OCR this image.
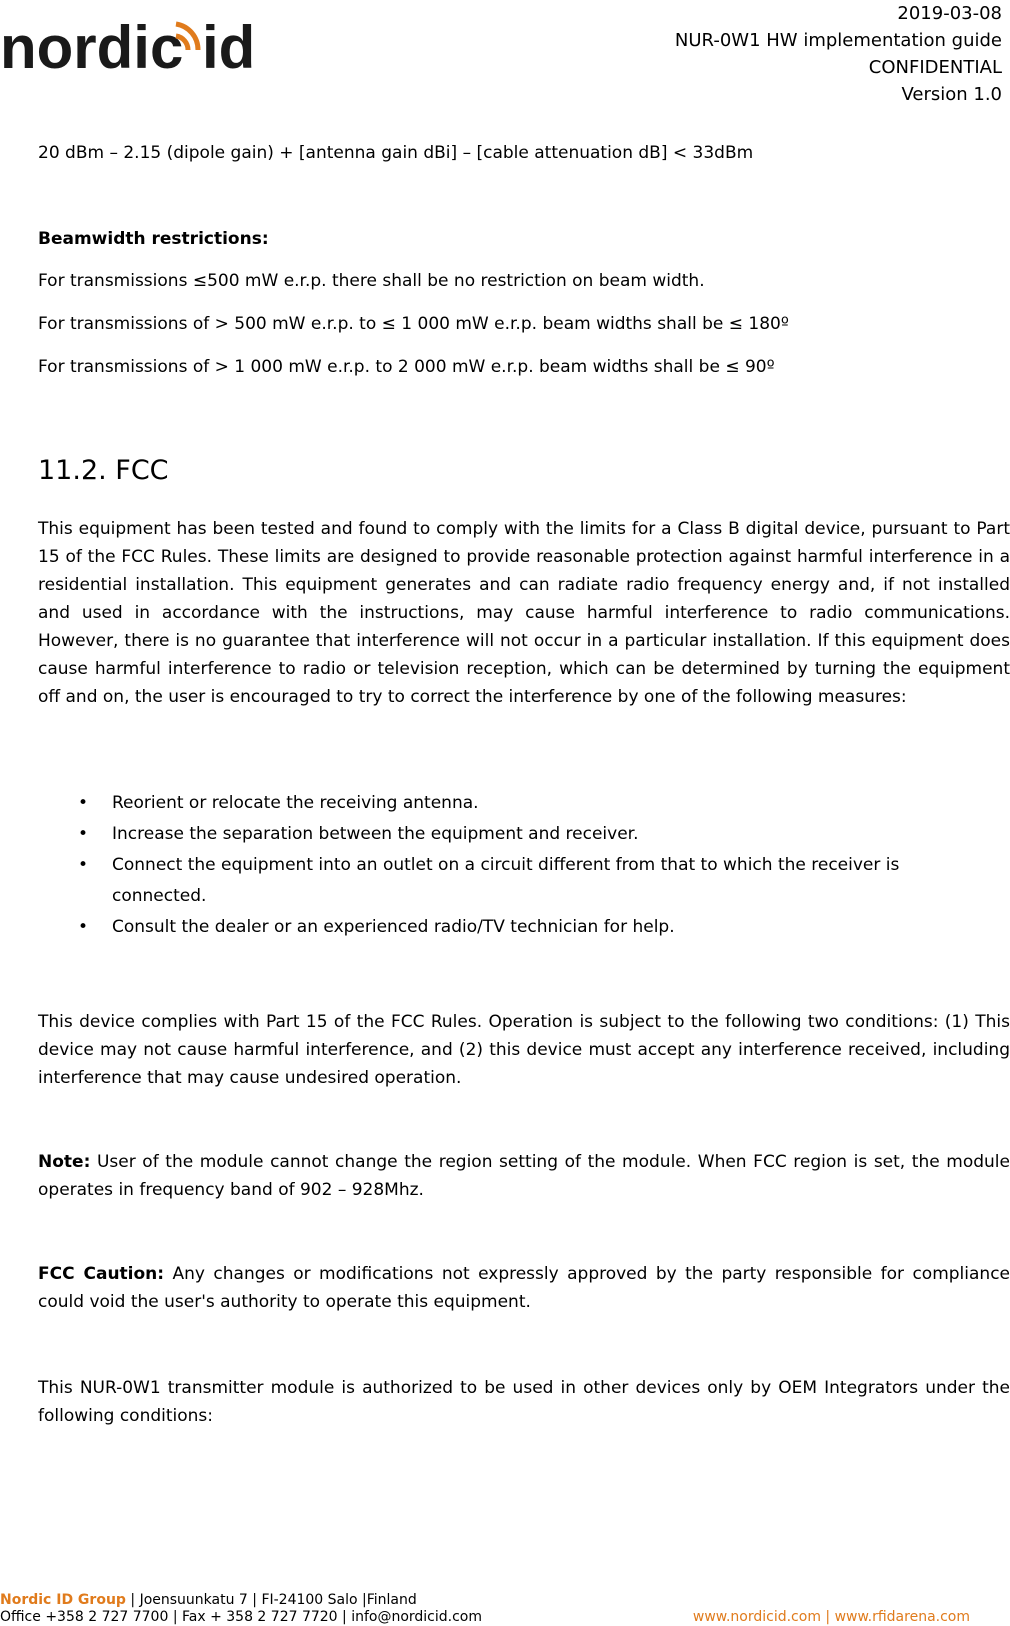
nordic id
2019-03-08
NUR-0W1 HW implementation guide
CONFIDENTIAL
Version 1.0

20 dBm – 2.15 (dipole gain) + [antenna gain dBi] – [cable attenuation dB] < 33dBm

Beamwidth restrictions:

For transmissions ≤500 mW e.r.p. there shall be no restriction on beam width.

For transmissions of > 500 mW e.r.p. to ≤ 1 000 mW e.r.p. beam widths shall be ≤ 180º

For transmissions of > 1 000 mW e.r.p. to 2 000 mW e.r.p. beam widths shall be ≤ 90º

11.2. FCC

This equipment has been tested and found to comply with the limits for a Class B digital device, pursuant to Part 15 of the FCC Rules. These limits are designed to provide reasonable protection against harmful interference in a residential installation. This equipment generates and can radiate radio frequency energy and, if not installed and used in accordance with the instructions, may cause harmful interference to radio communications. However, there is no guarantee that interference will not occur in a particular installation. If this equipment does cause harmful interference to radio or television reception, which can be determined by turning the equipment off and on, the user is encouraged to try to correct the interference by one of the following measures:

• Reorient or relocate the receiving antenna.
• Increase the separation between the equipment and receiver.
• Connect the equipment into an outlet on a circuit different from that to which the receiver is connected.
• Consult the dealer or an experienced radio/TV technician for help.

This device complies with Part 15 of the FCC Rules. Operation is subject to the following two conditions: (1) This device may not cause harmful interference, and (2) this device must accept any interference received, including interference that may cause undesired operation.

Note: User of the module cannot change the region setting of the module. When FCC region is set, the module operates in frequency band of 902 – 928Mhz.

FCC Caution: Any changes or modifications not expressly approved by the party responsible for compliance could void the user's authority to operate this equipment.

This NUR-0W1 transmitter module is authorized to be used in other devices only by OEM Integrators under the following conditions:

Nordic ID Group | Joensuunkatu 7 | FI-24100 Salo |Finland
Office +358 2 727 7700 | Fax + 358 2 727 7720 | info@nordicid.com	www.nordicid.com | www.rfidarena.com
